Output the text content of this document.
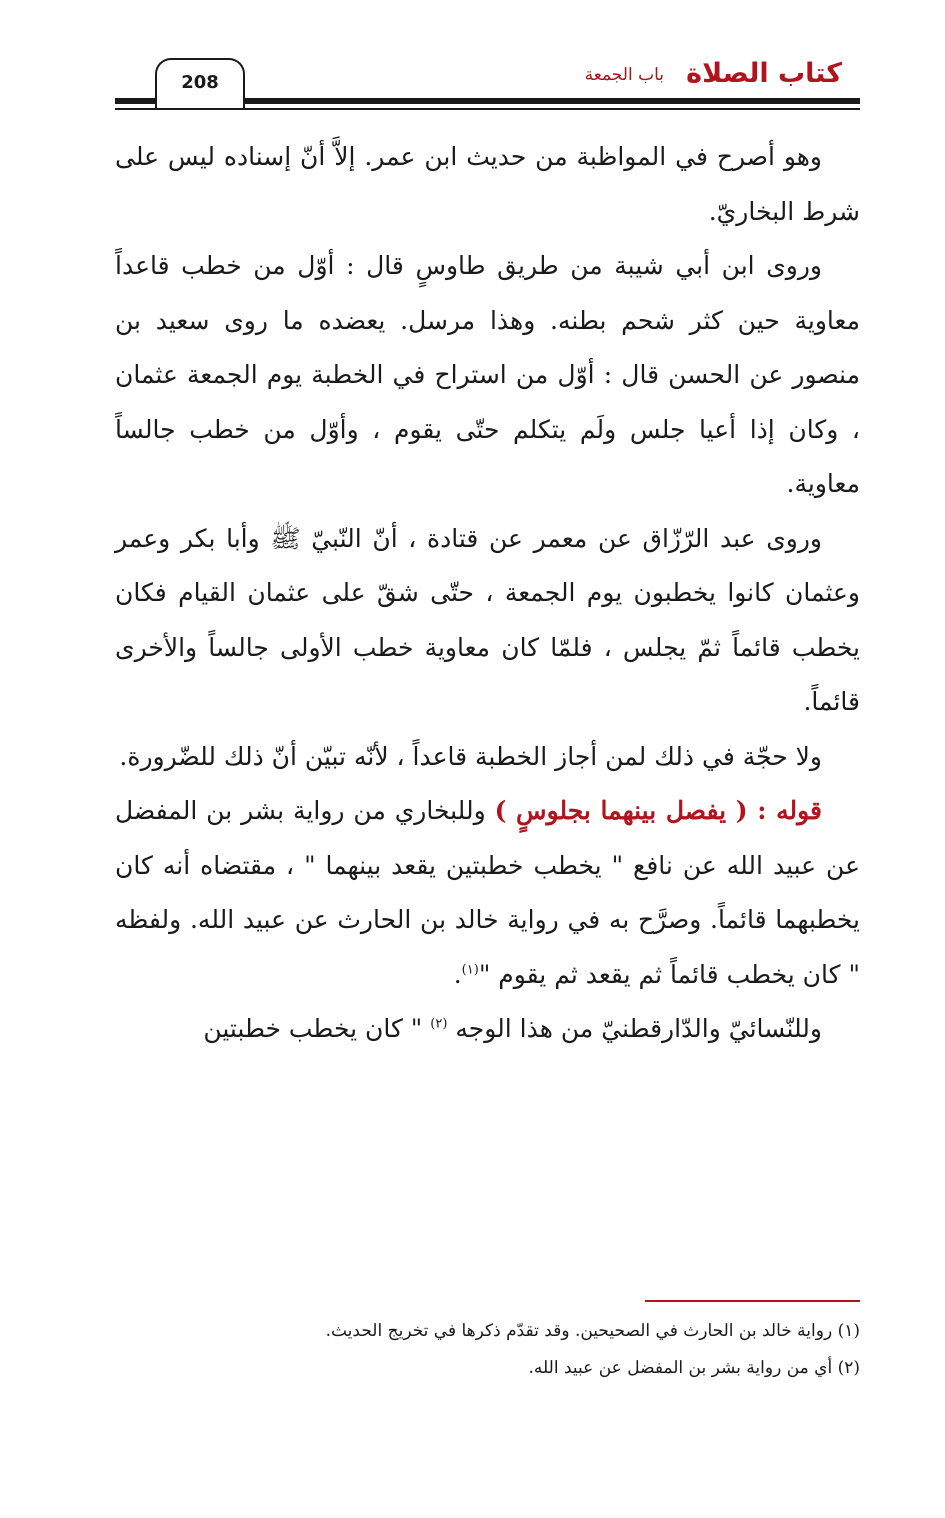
208	باب الجمعة كتاب الصلاة

وهو أصرح في المواظبة من حديث ابن عمر. إلاَّ أنّ إسناده ليس على شرط البخاريّ.

وروى ابن أبي شيبة من طريق طاوسٍ قال : أوّل من خطب قاعداً معاوية حين كثر شحم بطنه. وهذا مرسل. يعضده ما روى سعيد بن منصور عن الحسن قال : أوّل من استراح في الخطبة يوم الجمعة عثمان ، وكان إذا أعيا جلس ولَم يتكلم حتّى يقوم ، وأوّل من خطب جالساً معاوية.

وروى عبد الرّزّاق عن معمر عن قتادة ، أنّ النّبيّ ﷺ وأبا بكر وعمر وعثمان كانوا يخطبون يوم الجمعة ، حتّى شقّ على عثمان القيام فكان يخطب قائماً ثمّ يجلس ، فلمّا كان معاوية خطب الأولى جالساً والأخرى قائماً.

ولا حجّة في ذلك لمن أجاز الخطبة قاعداً ، لأنّه تبيّن أنّ ذلك للضّرورة.

قوله : ( يفصل بينهما بجلوسٍ ) وللبخاري من رواية بشر بن المفضل عن عبيد الله عن نافع " يخطب خطبتين يقعد بينهما " ، مقتضاه أنه كان يخطبهما قائماً. وصرَّح به في رواية خالد بن الحارث عن عبيد الله. ولفظه " كان يخطب قائماً ثم يقعد ثم يقوم "$^{(١)}$.

وللنّسائيّ والدّارقطنيّ من هذا الوجه $^{(٢)}$ " كان يخطب خطبتين

(١) رواية خالد بن الحارث في الصحيحين. وقد تقدّم ذكرها في تخريج الحديث.

(٢) أي من رواية بشر بن المفضل عن عبيد الله.
